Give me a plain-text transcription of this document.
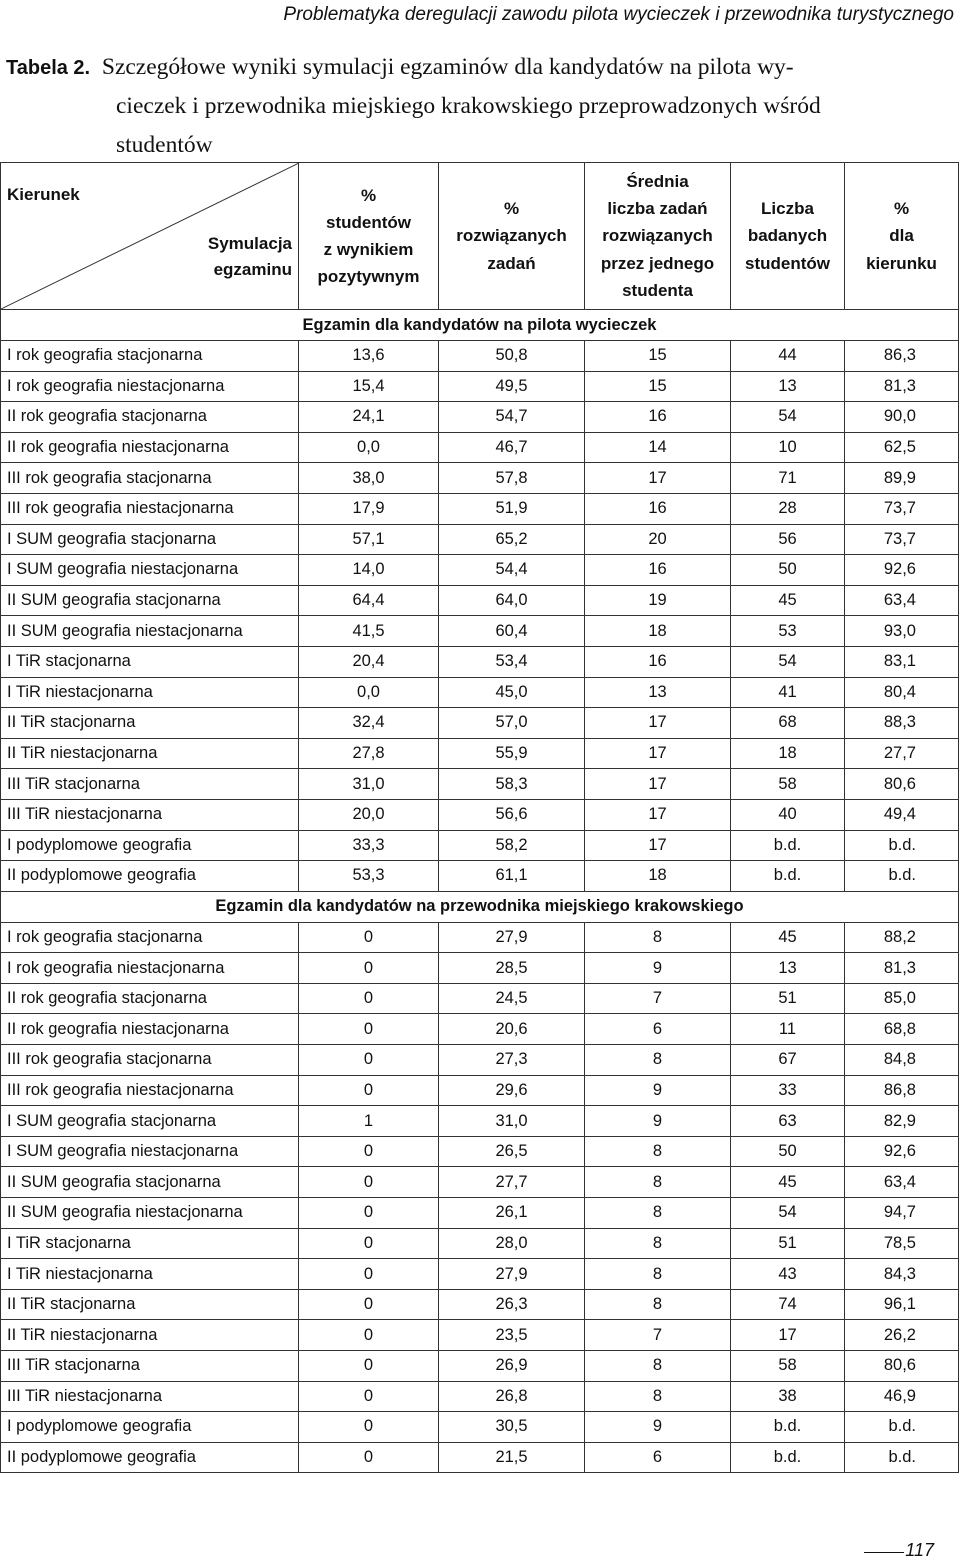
Problematyka deregulacji zawodu pilota wycieczek i przewodnika turystycznego
Tabela 2. Szczegółowe wyniki symulacji egzaminów dla kandydatów na pilota wy-
cieczek i przewodnika miejskiego krakowskiego przeprowadzonych wśród
studentów
Kierunek
Symulacja
egzaminu	%
studentów
z wynikiem
pozytywnym	%
rozwiązanych
zadań	Średnia
liczba zadań
rozwiązanych
przez jednego
studenta	Liczba
badanych
studentów	%
dla
kierunku
Egzamin dla kandydatów na pilota wycieczek					
I rok geografia stacjonarna	13,6	50,8	15	44	86,3
I rok geografia niestacjonarna	15,4	49,5	15	13	81,3
II rok geografia stacjonarna	24,1	54,7	16	54	90,0
II rok geografia niestacjonarna	0,0	46,7	14	10	62,5
III rok geografia stacjonarna	38,0	57,8	17	71	89,9
III rok geografia niestacjonarna	17,9	51,9	16	28	73,7
I SUM geografia stacjonarna	57,1	65,2	20	56	73,7
I SUM geografia niestacjonarna	14,0	54,4	16	50	92,6
II SUM geografia stacjonarna	64,4	64,0	19	45	63,4
II SUM geografia niestacjonarna	41,5	60,4	18	53	93,0
I TiR stacjonarna	20,4	53,4	16	54	83,1
I TiR niestacjonarna	0,0	45,0	13	41	80,4
II TiR stacjonarna	32,4	57,0	17	68	88,3
II TiR niestacjonarna	27,8	55,9	17	18	27,7
III TiR stacjonarna	31,0	58,3	17	58	80,6
III TiR niestacjonarna	20,0	56,6	17	40	49,4
I podyplomowe geografia	33,3	58,2	17	b.d.	b.d.
II podyplomowe geografia	53,3	61,1	18	b.d.	b.d.
Egzamin dla kandydatów na przewodnika miejskiego krakowskiego					
I rok geografia stacjonarna	0	27,9	8	45	88,2
I rok geografia niestacjonarna	0	28,5	9	13	81,3
II rok geografia stacjonarna	0	24,5	7	51	85,0
II rok geografia niestacjonarna	0	20,6	6	11	68,8
III rok geografia stacjonarna	0	27,3	8	67	84,8
III rok geografia niestacjonarna	0	29,6	9	33	86,8
I SUM geografia stacjonarna	1	31,0	9	63	82,9
I SUM geografia niestacjonarna	0	26,5	8	50	92,6
II SUM geografia stacjonarna	0	27,7	8	45	63,4
II SUM geografia niestacjonarna	0	26,1	8	54	94,7
I TiR stacjonarna	0	28,0	8	51	78,5
I TiR niestacjonarna	0	27,9	8	43	84,3
II TiR stacjonarna	0	26,3	8	74	96,1
II TiR niestacjonarna	0	23,5	7	17	26,2
III TiR stacjonarna	0	26,9	8	58	80,6
III TiR niestacjonarna	0	26,8	8	38	46,9
I podyplomowe geografia	0	30,5	9	b.d.	b.d.
II podyplomowe geografia	0	21,5	6	b.d.	b.d.
117
